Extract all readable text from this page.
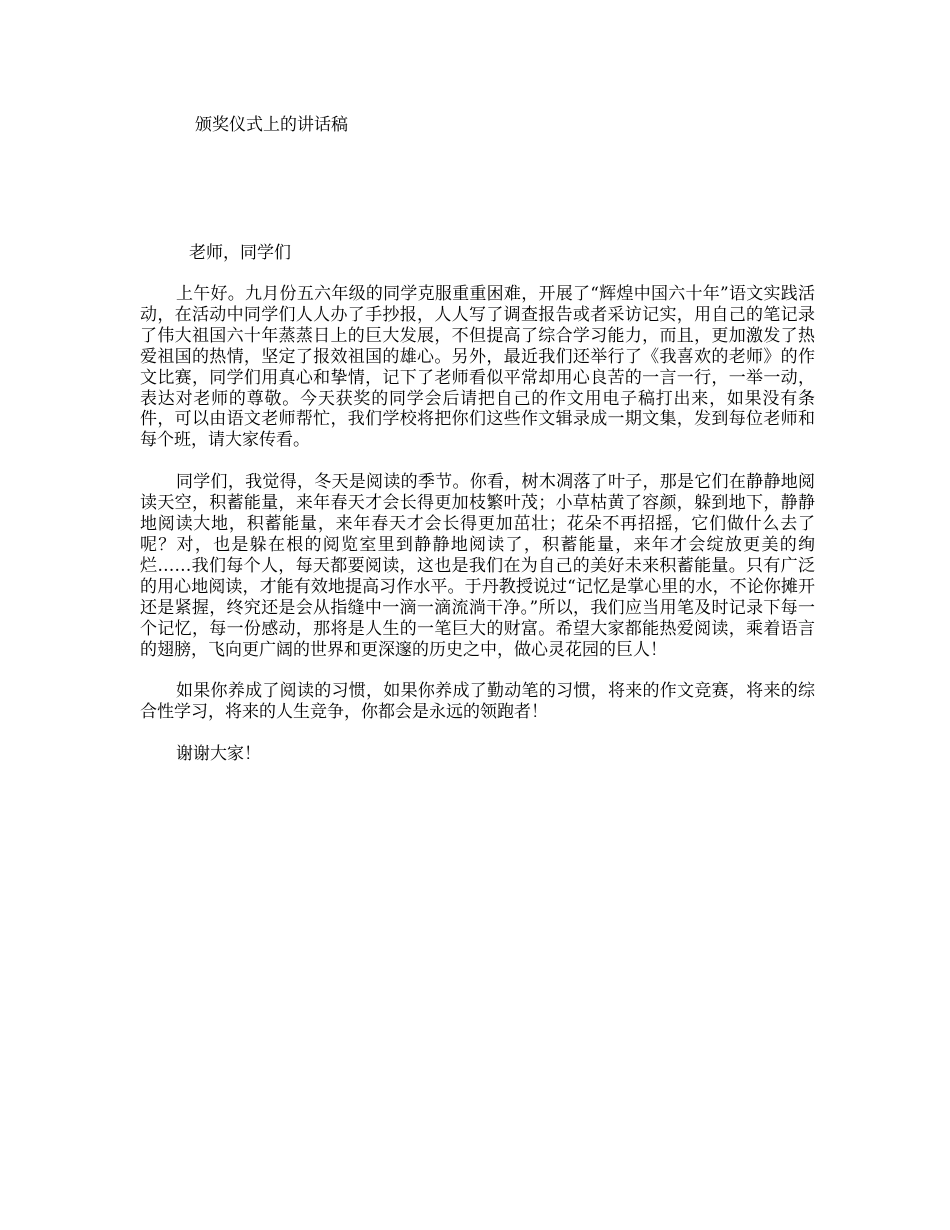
颁奖仪式上的讲话稿
老师，同学们

上午好。九月份五六年级的同学克服重重困难，开展了“辉煌中国六十年”语文实践活动，在活动中同学们人人办了手抄报，人人写了调查报告或者采访记实，用自己的笔记录了伟大祖国六十年蒸蒸日上的巨大发展，不但提高了综合学习能力，而且，更加激发了热爱祖国的热情，坚定了报效祖国的雄心。另外，最近我们还举行了《我喜欢的老师》的作文比赛，同学们用真心和挚情，记下了老师看似平常却用心良苦的一言一行，一举一动，表达对老师的尊敬。今天获奖的同学会后请把自己的作文用电子稿打出来，如果没有条件，可以由语文老师帮忙，我们学校将把你们这些作文辑录成一期文集，发到每位老师和每个班，请大家传看。

同学们，我觉得，冬天是阅读的季节。你看，树木凋落了叶子，那是它们在静静地阅读天空，积蓄能量，来年春天才会长得更加枝繁叶茂；小草枯黄了容颜，躲到地下，静静地阅读大地，积蓄能量，来年春天才会长得更加茁壮；花朵不再招摇，它们做什么去了呢？对，也是躲在根的阅览室里到静静地阅读了，积蓄能量，来年才会绽放更美的绚烂……我们每个人，每天都要阅读，这也是我们在为自己的美好未来积蓄能量。只有广泛的用心地阅读，才能有效地提高习作水平。于丹教授说过“记忆是掌心里的水，不论你摊开还是紧握，终究还是会从指缝中一滴一滴流淌干净。”所以，我们应当用笔及时记录下每一个记忆，每一份感动，那将是人生的一笔巨大的财富。希望大家都能热爱阅读，乘着语言的翅膀，飞向更广阔的世界和更深邃的历史之中，做心灵花园的巨人！

如果你养成了阅读的习惯，如果你养成了勤动笔的习惯，将来的作文竞赛，将来的综合性学习，将来的人生竞争，你都会是永远的领跑者！

谢谢大家！
